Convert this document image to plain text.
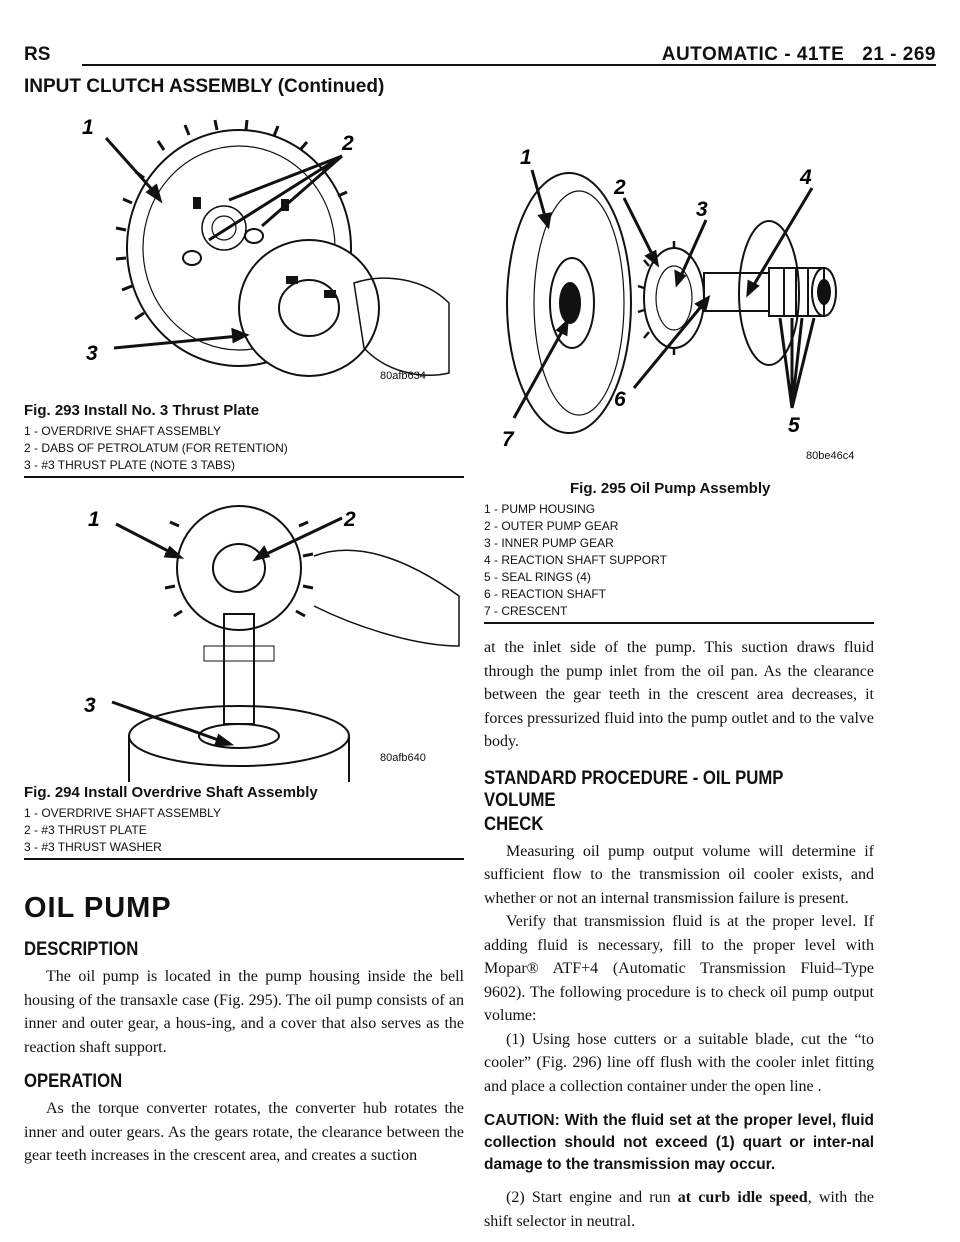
RS	AUTOMATIC - 41TE 21 - 269
INPUT CLUTCH ASSEMBLY (Continued)
1
2
3
80afb634
Fig. 293 Install No. 3 Thrust Plate
1 - OVERDRIVE SHAFT ASSEMBLY
2 - DABS OF PETROLATUM (FOR RETENTION)
3 - #3 THRUST PLATE (NOTE 3 TABS)
1	2
3
80afb640
Fig. 294 Install Overdrive Shaft Assembly
1 - OVERDRIVE SHAFT ASSEMBLY
2 - #3 THRUST PLATE
3 - #3 THRUST WASHER
OIL PUMP
DESCRIPTION

The oil pump is located in the pump housing inside the bell housing of the transaxle case (Fig. 295). The oil pump consists of an inner and outer gear, a hous-ing, and a cover that also serves as the reaction shaft support.

OPERATION

As the torque converter rotates, the converter hub rotates the inner and outer gears. As the gears rotate, the clearance between the gear teeth increases in the crescent area, and creates a suction

1
2
3
4
5
6
7
80be46c4
Fig. 295 Oil Pump Assembly
1 - PUMP HOUSING
2 - OUTER PUMP GEAR
3 - INNER PUMP GEAR
4 - REACTION SHAFT SUPPORT
5 - SEAL RINGS (4)
6 - REACTION SHAFT
7 - CRESCENT

at the inlet side of the pump. This suction draws fluid through the pump inlet from the oil pan. As the clearance between the gear teeth in the crescent area decreases, it forces pressurized fluid into the pump outlet and to the valve body.

STANDARD PROCEDURE - OIL PUMP VOLUME
CHECK

Measuring oil pump output volume will determine if sufficient flow to the transmission oil cooler exists, and whether or not an internal transmission failure is present.

Verify that transmission fluid is at the proper level. If adding fluid is necessary, fill to the proper level with Mopar® ATF+4 (Automatic Transmission Fluid–Type 9602). The following procedure is to check oil pump output volume:

(1) Using hose cutters or a suitable blade, cut the “to cooler” (Fig. 296) line off flush with the cooler inlet fitting and place a collection container under the open line .

CAUTION: With the fluid set at the proper level, fluid collection should not exceed (1) quart or inter-nal damage to the transmission may occur.

(2) Start engine and run at curb idle speed, with the shift selector in neutral.
